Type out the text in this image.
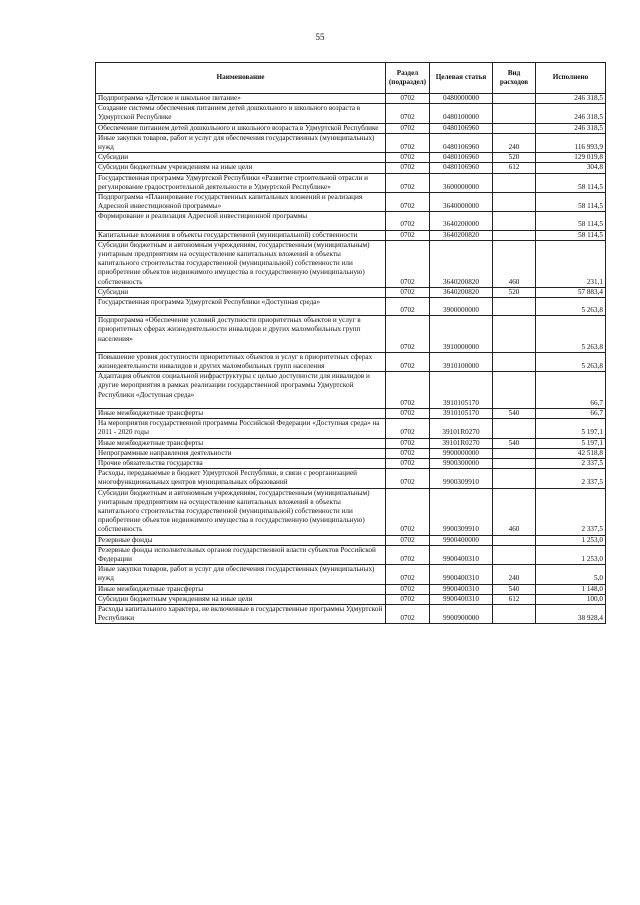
55
Наименование	Раздел (подраздел)	Целевая статья	Вид расходов	Исполнено
Подпрограмма «Детское и школьное питание»	0702	0480000000		246 318,5
Создание системы обеспечения питанием детей дошкольного и школьного возраста в Удмуртской Республике	0702	0480100000		246 318,5
Обеспечение питанием детей дошкольного и школьного возраста в Удмуртской Республике	0702	0480106960		246 318,5
Иные закупки товаров, работ и услуг для обеспечения государственных (муниципальных) нужд	0702	0480106960	240	116 993,9
Субсидии	0702	0480106960	520	129 019,8
Субсидии бюджетным учреждениям на иные цели	0702	0480106960	612	304,8
Государственная программа Удмуртской Республики «Развитие строительной отрасли и регулирование градостроительной деятельности в Удмуртской Республике»	0702	3600000000		58 114,5
Подпрограмма «Планирование государственных капитальных вложений и реализация Адресной инвестиционной программы»	0702	3640000000		58 114,5
Формирование и реализация Адресной инвестиционной программы	0702	3640200000		58 114,5
Капитальные вложения в объекты государственной (муниципальной) собственности	0702	3640200820		58 114,5
Субсидии бюджетным и автономным учреждениям, государственным (муниципальным) унитарным предприятиям на осуществление капитальных вложений в объекты капитального строительства государственной (муниципальной) собственности или приобретение объектов недвижимого имущества в государственную (муниципальную) собственность	0702	3640200820	460	231,1
Субсидии	0702	3640200820	520	57 883,4
Государственная программа Удмуртской Республики «Доступная среда»	0702	3900000000		5 263,8
Подпрограмма «Обеспечение условий доступности приоритетных объектов и услуг в приоритетных сферах жизнедеятельности инвалидов и других маломобильных групп населения»	0702	3910000000		5 263,8
Повышение уровня доступности приоритетных объектов и услуг в приоритетных сферах жизнедеятельности инвалидов и других маломобильных групп населения	0702	3910100000		5 263,8
Адаптация объектов социальной инфраструктуры с целью доступности для инвалидов и другие мероприятия в рамках реализации государственной программы Удмуртской Республики «Доступная среда»	0702	3910105170		66,7
Иные межбюджетные трансферты	0702	3910105170	540	66,7
На мероприятия государственной программы Российской Федерации «Доступная среда» на 2011 - 2020 годы	0702	39101R0270		5 197,1
Иные межбюджетные трансферты	0702	39101R0270	540	5 197,1
Непрограммные направления деятельности	0702	9900000000		42 518,8
Прочие обязательства государства	0702	9900300000		2 337,5
Расходы, передаваемые в бюджет Удмуртской Республики, в связи с реорганизацией многофункциональных центров муниципальных образований	0702	9900309910		2 337,5
Субсидии бюджетным и автономным учреждениям, государственным (муниципальным) унитарным предприятиям на осуществление капитальных вложений в объекты капитального строительства государственной (муниципальной) собственности или приобретение объектов недвижимого имущества в государственную (муниципальную) собственность	0702	9900309910	460	2 337,5
Резервные фонды	0702	9900400000		1 253,0
Резервные фонды исполнительных органов государственной власти субъектов Российской Федерации	0702	9900400310		1 253,0
Иные закупки товаров, работ и услуг для обеспечения государственных (муниципальных) нужд	0702	9900400310	240	5,0
Иные межбюджетные трансферты	0702	9900400310	540	1 148,0
Субсидии бюджетным учреждениям на иные цели	0702	9900400310	612	100,0
Расходы капитального характера, не включенные в государственные программы Удмуртской Республики	0702	9900900000		38 928,4
